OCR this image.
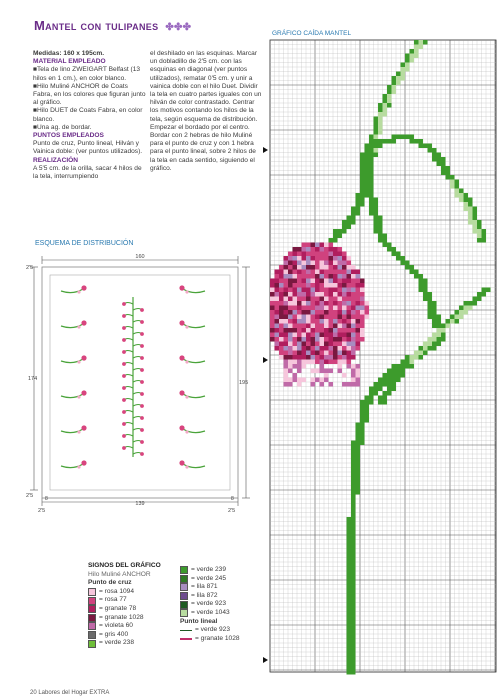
Mantel con tulipanes ✤✤✤

Medidas: 160 x 195cm.

MATERIAL EMPLEADO

■Tela de lino ZWEIGART Belfast (13 hilos en 1 cm.), en color blanco.

■Hilo Muliné ANCHOR de Coats Fabra, en los colores que figuran junto al gráfico.

■Hilo DUET de Coats Fabra, en color blanco.

■Una ag. de bordar.

PUNTOS EMPLEADOS

Punto de cruz, Punto lineal, Hilván y Vainica doble: (ver puntos utilizados).

REALIZACIÓN

A 5'5 cm. de la orilla, sacar 4 hilos de la tela, interrumpiendo

el deshilado en las esquinas. Marcar un dobladillo de 2'5 cm. con las esquinas en diagonal (ver puntos utilizados), rematar 0'5 cm. y unir a vainica doble con el hilo Duet. Dividir la tela en cuatro partes iguales con un hilván de color contrastado. Centrar los motivos contando los hilos de la tela, según esquema de distribución. Empezar el bordado por el centro. Bordar con 2 hebras de hilo Muliné para el punto de cruz y con 1 hebra para el punto lineal, sobre 2 hilos de la tela en cada sentido, siguiendo el gráfico.

ESQUEMA DE DISTRIBUCIÓN
160
2'5
174
2'5
195
2'5
139
2'5
8	8
SIGNOS DEL GRÁFICO
Hilo Muliné ANCHOR
Punto de cruz
= rosa 1094
= rosa 77
= granate 78
= granate 1028
= violeta 60
= gris 400
= verde 238
= verde 239
= verde 245
= lila 871
= lila 872
= verde 923
= verde 1043
Punto lineal
= verde 923
= granate 1028
GRÁFICO CAÍDA MANTEL
20 Labores del Hogar EXTRA
